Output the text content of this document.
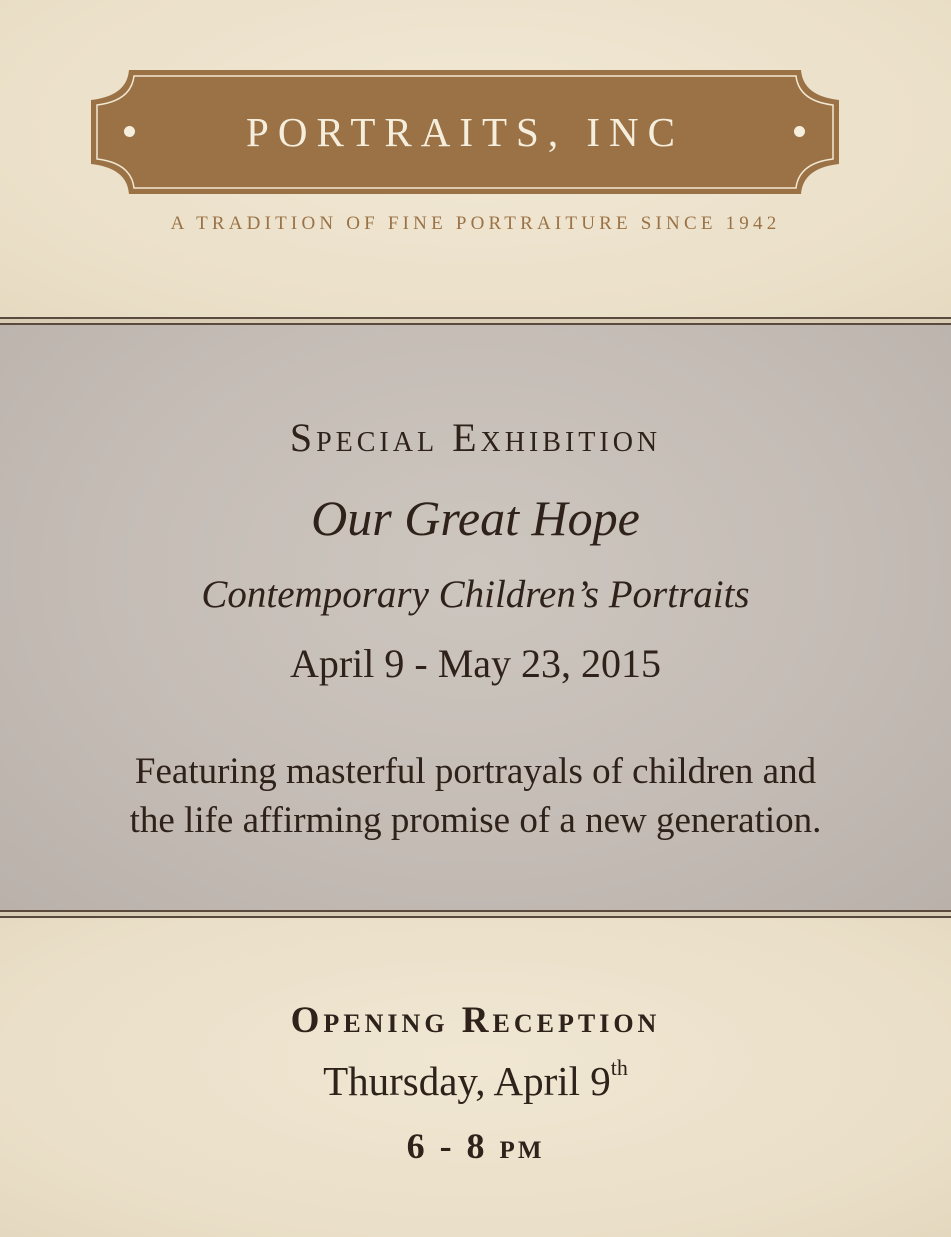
PORTRAITS, INC
A TRADITION OF FINE PORTRAITURE SINCE 1942
Special Exhibition
Our Great Hope
Contemporary Children’s Portraits
April 9 - May 23, 2015
Featuring masterful portrayals of children and
the life affirming promise of a new generation.
Opening Reception
Thursday, April 9th
6 - 8 pm
